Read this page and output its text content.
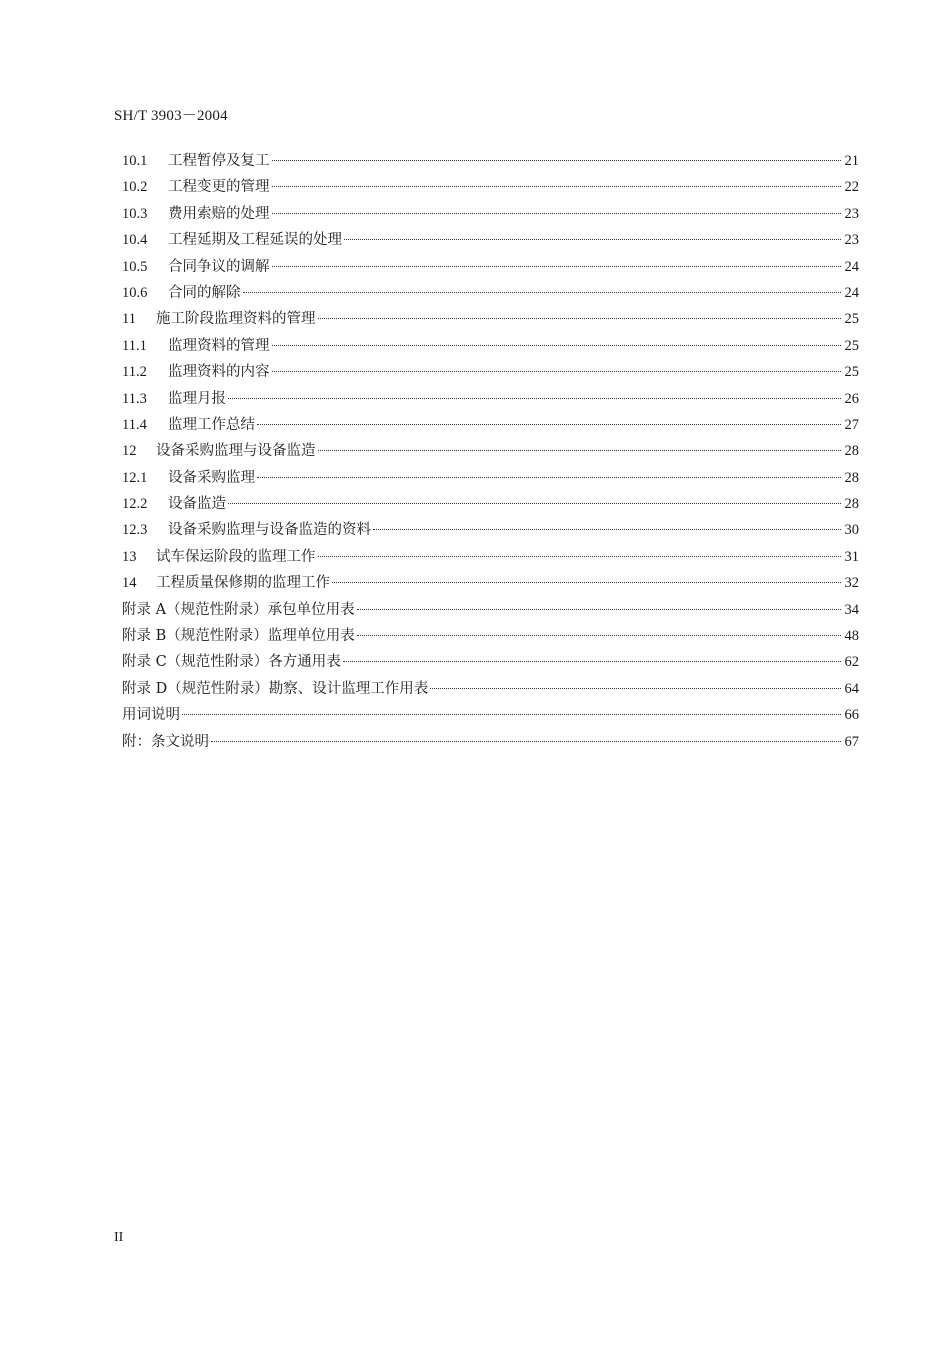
SH/T 3903－2004
10.1	工程暂停及复工	21
10.2	工程变更的管理	22
10.3	费用索赔的处理	23
10.4	工程延期及工程延误的处理	23
10.5	合同争议的调解	24
10.6	合同的解除	24
11	施工阶段监理资料的管理	25
11.1	监理资料的管理	25
11.2	监理资料的内容	25
11.3	监理月报	26
11.4	监理工作总结	27
12	设备采购监理与设备监造	28
12.1	设备采购监理	28
12.2	设备监造	28
12.3	设备采购监理与设备监造的资料	30
13	试车保运阶段的监理工作	31
14	工程质量保修期的监理工作	32
附录 A（规范性附录）承包单位用表	34
附录 B（规范性附录）监理单位用表	48
附录 C（规范性附录）各方通用表	62
附录 D（规范性附录）勘察、设计监理工作用表	64
用词说明	66
附：条文说明	67
II
